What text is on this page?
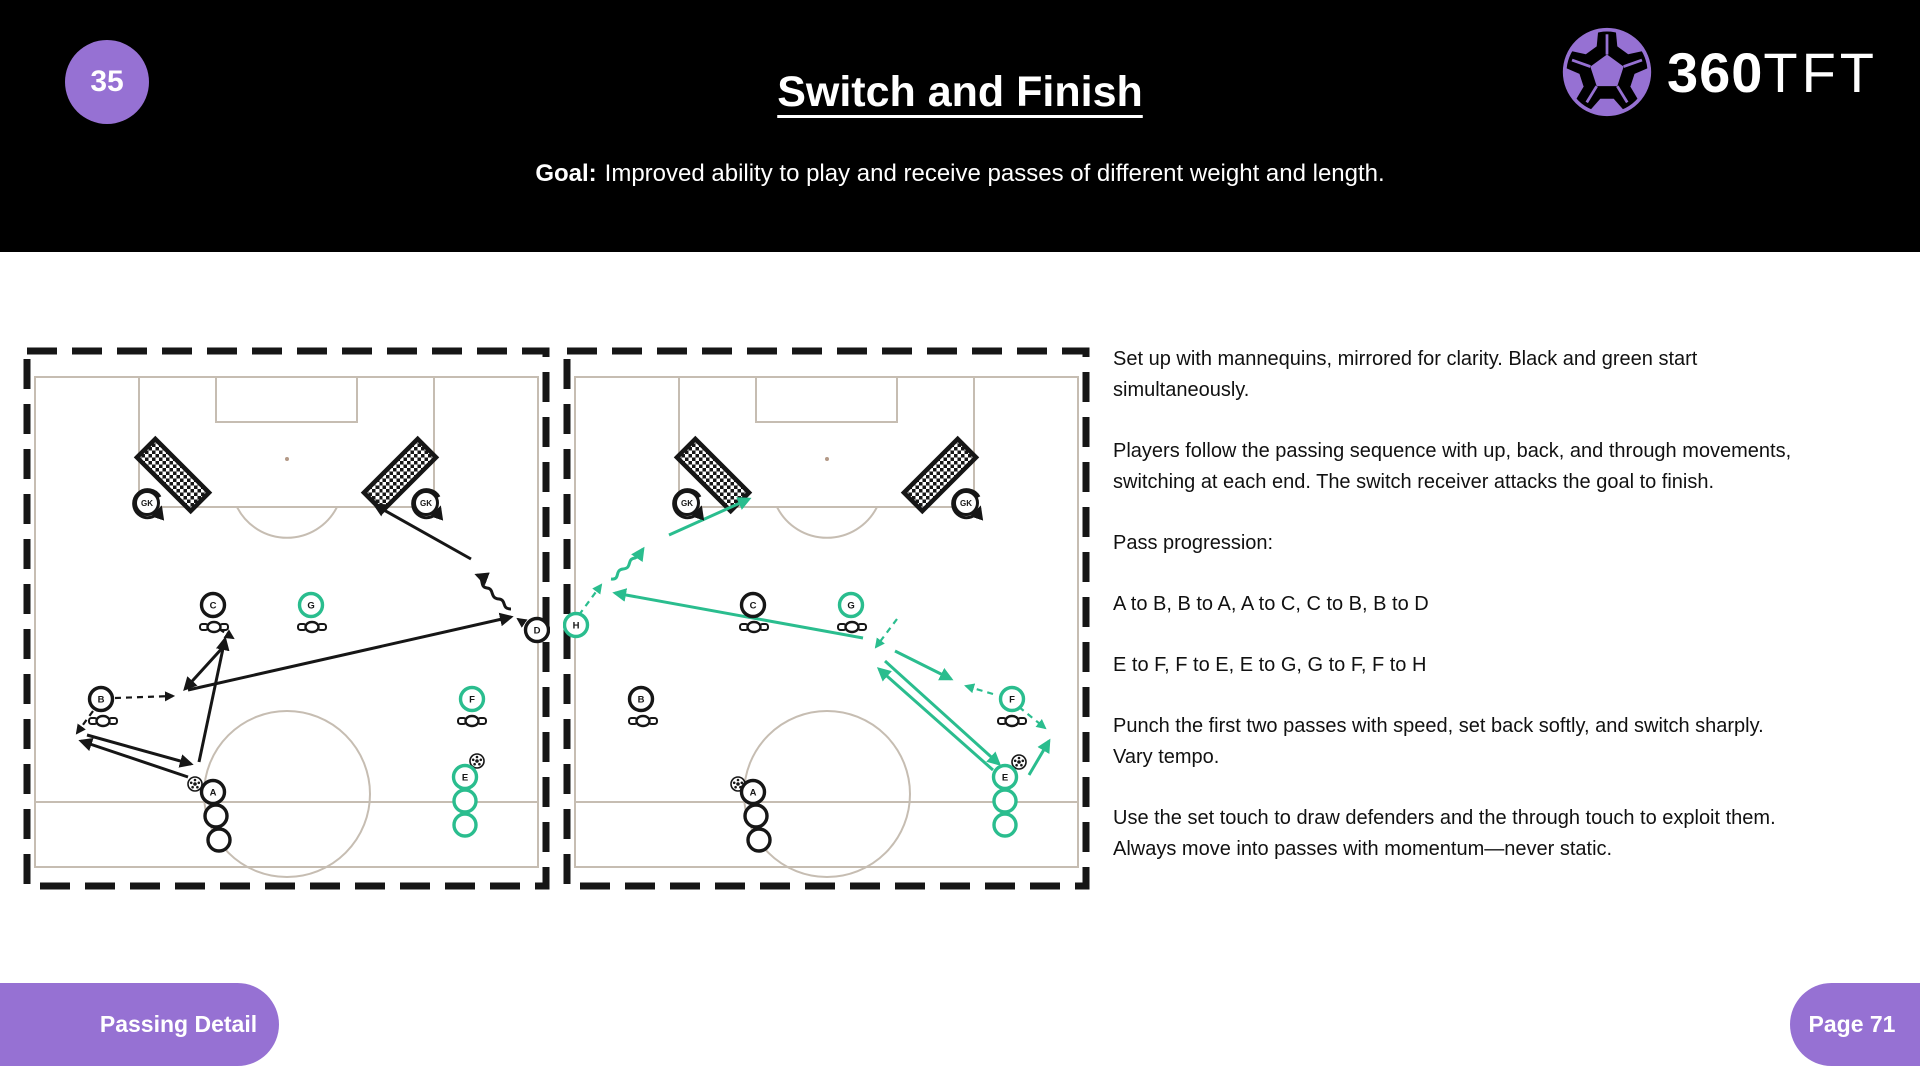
35	Switch and Finish
Goal: Improved ability to play and receive passes of different weight and length.
360 TFT
GK	GK
C
B
A
D
G
F
E
GK	GK
C
B
A
G
F
E
H
Set up with mannequins, mirrored for clarity. Black and green start
simultaneously.
Players follow the passing sequence with up, back, and through movements,
switching at each end. The switch receiver attacks the goal to finish.
Pass progression:
A to B, B to A, A to C, C to B, B to D
E to F, F to E, E to G, G to F, F to H
Punch the first two passes with speed, set back softly, and switch sharply.
Vary tempo.
Use the set touch to draw defenders and the through touch to exploit them.
Always move into passes with momentum—never static.
Passing Detail	Page 71
